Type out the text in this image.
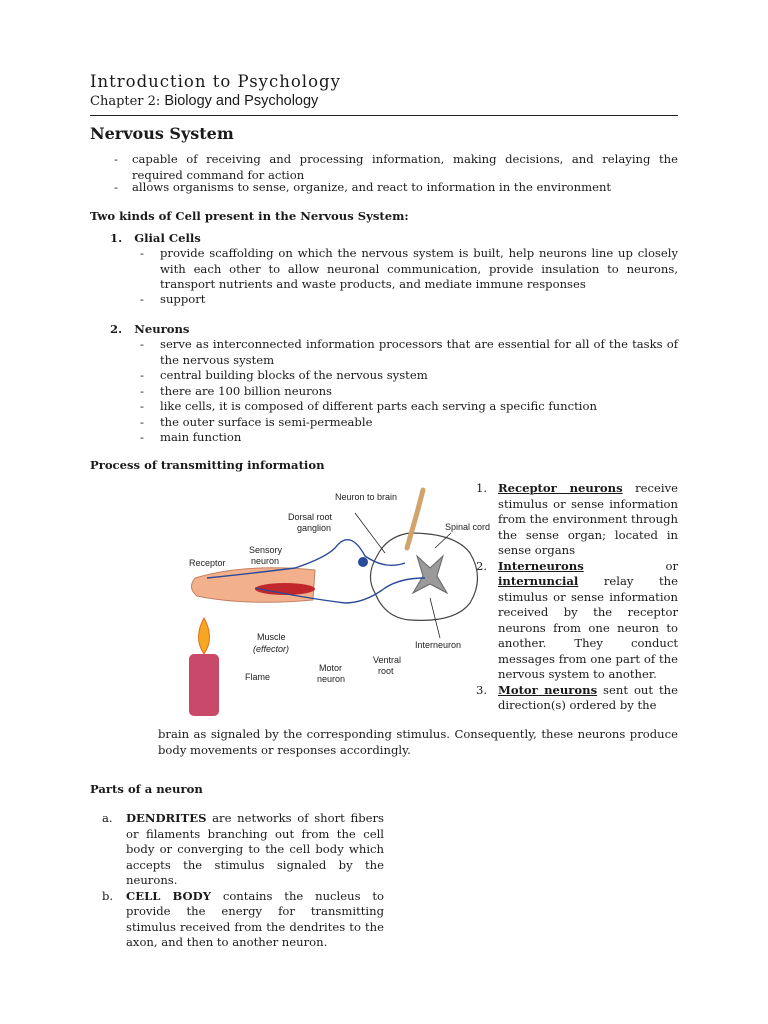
Introduction to Psychology
Chapter 2: Biology and Psychology
Nervous System
- capable of receiving and processing information, making decisions, and relaying the required command for action
- allows organisms to sense, organize, and react to information in the environment
Two kinds of Cell present in the Nervous System:
1. Glial Cells
- provide scaffolding on which the nervous system is built, help neurons line up closely with each other to allow neuronal communication, provide insulation to neurons, transport nutrients and waste products, and mediate immune responses
- support
2. Neurons
- serve as interconnected information processors that are essential for all of the tasks of the nervous system
- central building blocks of the nervous system
- there are 100 billion neurons
- like cells, it is composed of different parts each serving a specific function
- the outer surface is semi-permeable
- main function
Process of transmitting information
1. Receptor neurons receive stimulus or sense information from the environment through the sense organ; located in sense organs
2. Interneurons or internuncial relay the stimulus or sense information received by the receptor neurons from one neuron to another. They conduct messages from one part of the nervous system to another.
3. Motor neurons sent out the direction(s) ordered by the
brain as signaled by the corresponding stimulus. Consequently, these neurons produce body movements or responses accordingly.
Neuron to brain
Dorsal root
ganglion	Spinal cord
Sensory
neuron
Receptor
Muscle
(effector)
Flame
Motor
neuron
Ventral
root
Interneuron
Parts of a neuron
a. DENDRITES are networks of short fibers or filaments branching out from the cell body or converging to the cell body which accepts the stimulus signaled by the neurons.
b. CELL BODY contains the nucleus to provide the energy for transmitting stimulus received from the dendrites to the axon, and then to another neuron.
